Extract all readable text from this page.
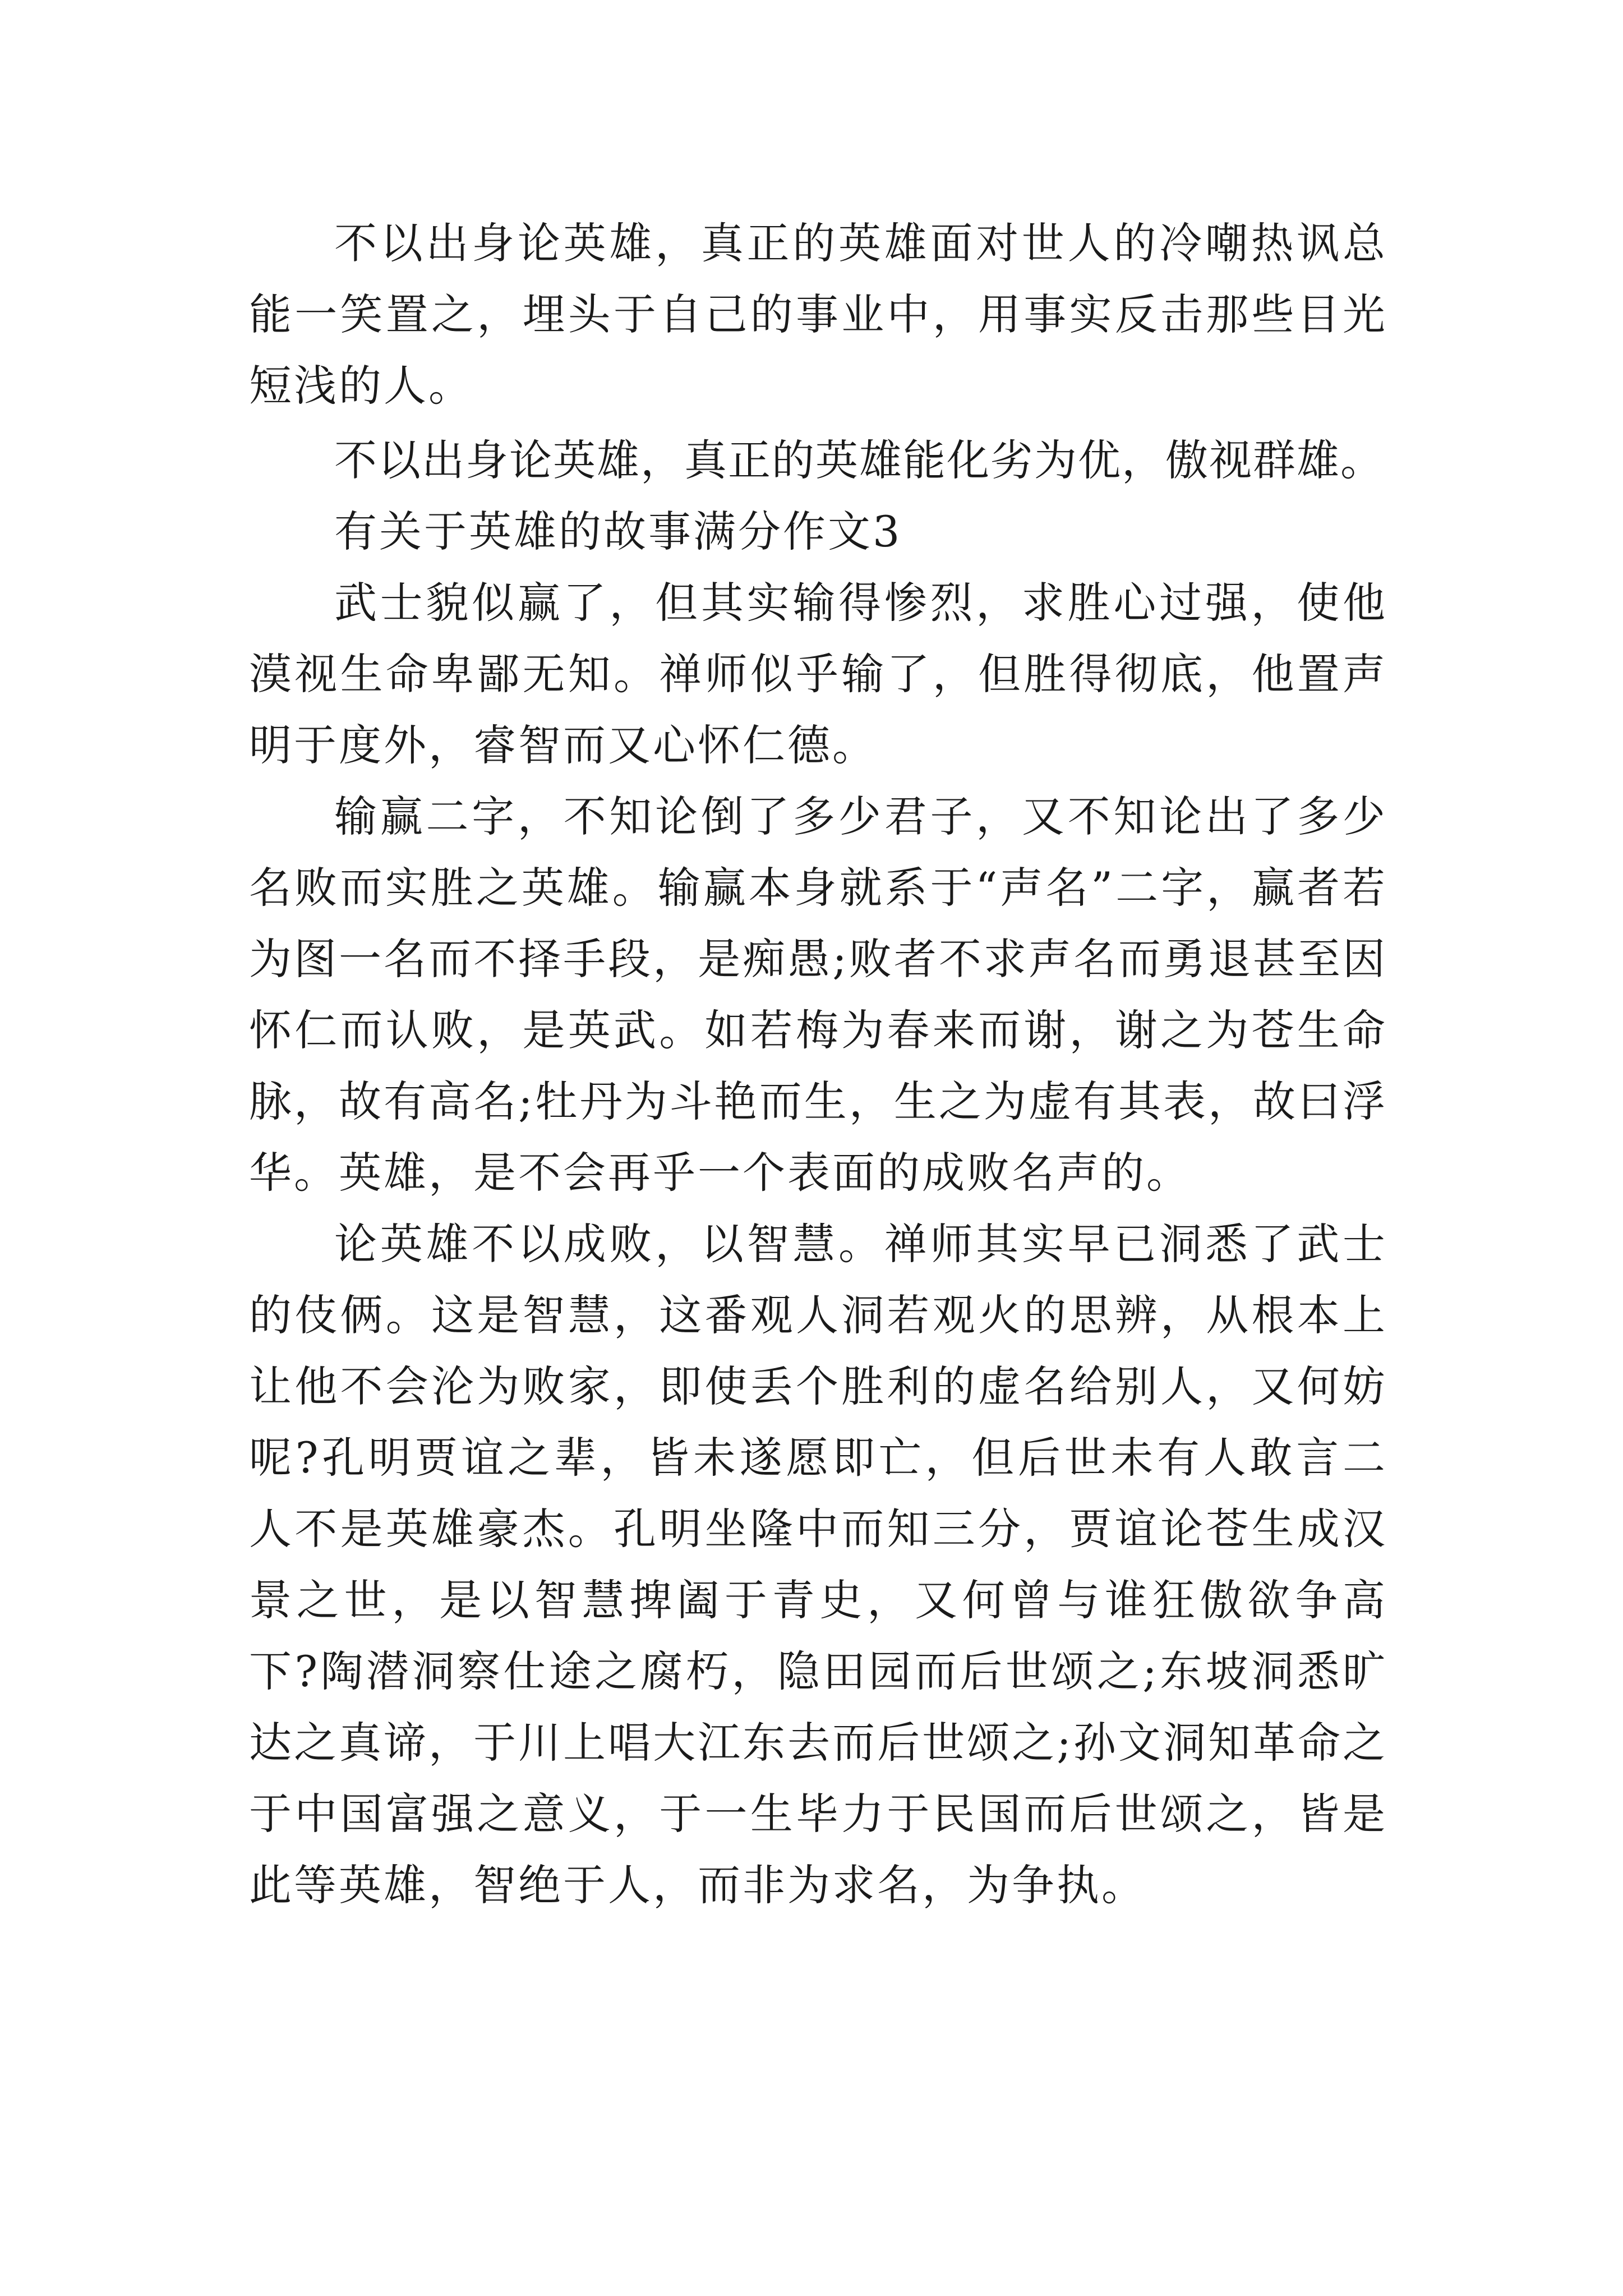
不以出身论英雄，真正的英雄面对世人的冷嘲热讽总能一笑置之，埋头于自己的事业中，用事实反击那些目光短浅的人。

不以出身论英雄，真正的英雄能化劣为优，傲视群雄。

有关于英雄的故事满分作文3

武士貌似赢了，但其实输得惨烈，求胜心过强，使他漠视生命卑鄙无知。禅师似乎输了，但胜得彻底，他置声明于度外，睿智而又心怀仁德。

输赢二字，不知论倒了多少君子，又不知论出了多少名败而实胜之英雄。输赢本身就系于“声名”二字，赢者若为图一名而不择手段，是痴愚;败者不求声名而勇退甚至因怀仁而认败，是英武。如若梅为春来而谢，谢之为苍生命脉，故有高名;牡丹为斗艳而生，生之为虚有其表，故曰浮华。英雄，是不会再乎一个表面的成败名声的。

论英雄不以成败，以智慧。禅师其实早已洞悉了武士的伎俩。这是智慧，这番观人洞若观火的思辨，从根本上让他不会沦为败家，即使丢个胜利的虚名给别人，又何妨呢?孔明贾谊之辈，皆未遂愿即亡，但后世未有人敢言二人不是英雄豪杰。孔明坐隆中而知三分，贾谊论苍生成汉景之世，是以智慧捭阖于青史，又何曾与谁狂傲欲争高下?陶潜洞察仕途之腐朽，隐田园而后世颂之;东坡洞悉旷达之真谛，于川上唱大江东去而后世颂之;孙文洞知革命之于中国富强之意义，于一生毕力于民国而后世颂之，皆是此等英雄，智绝于人，而非为求名，为争执。
